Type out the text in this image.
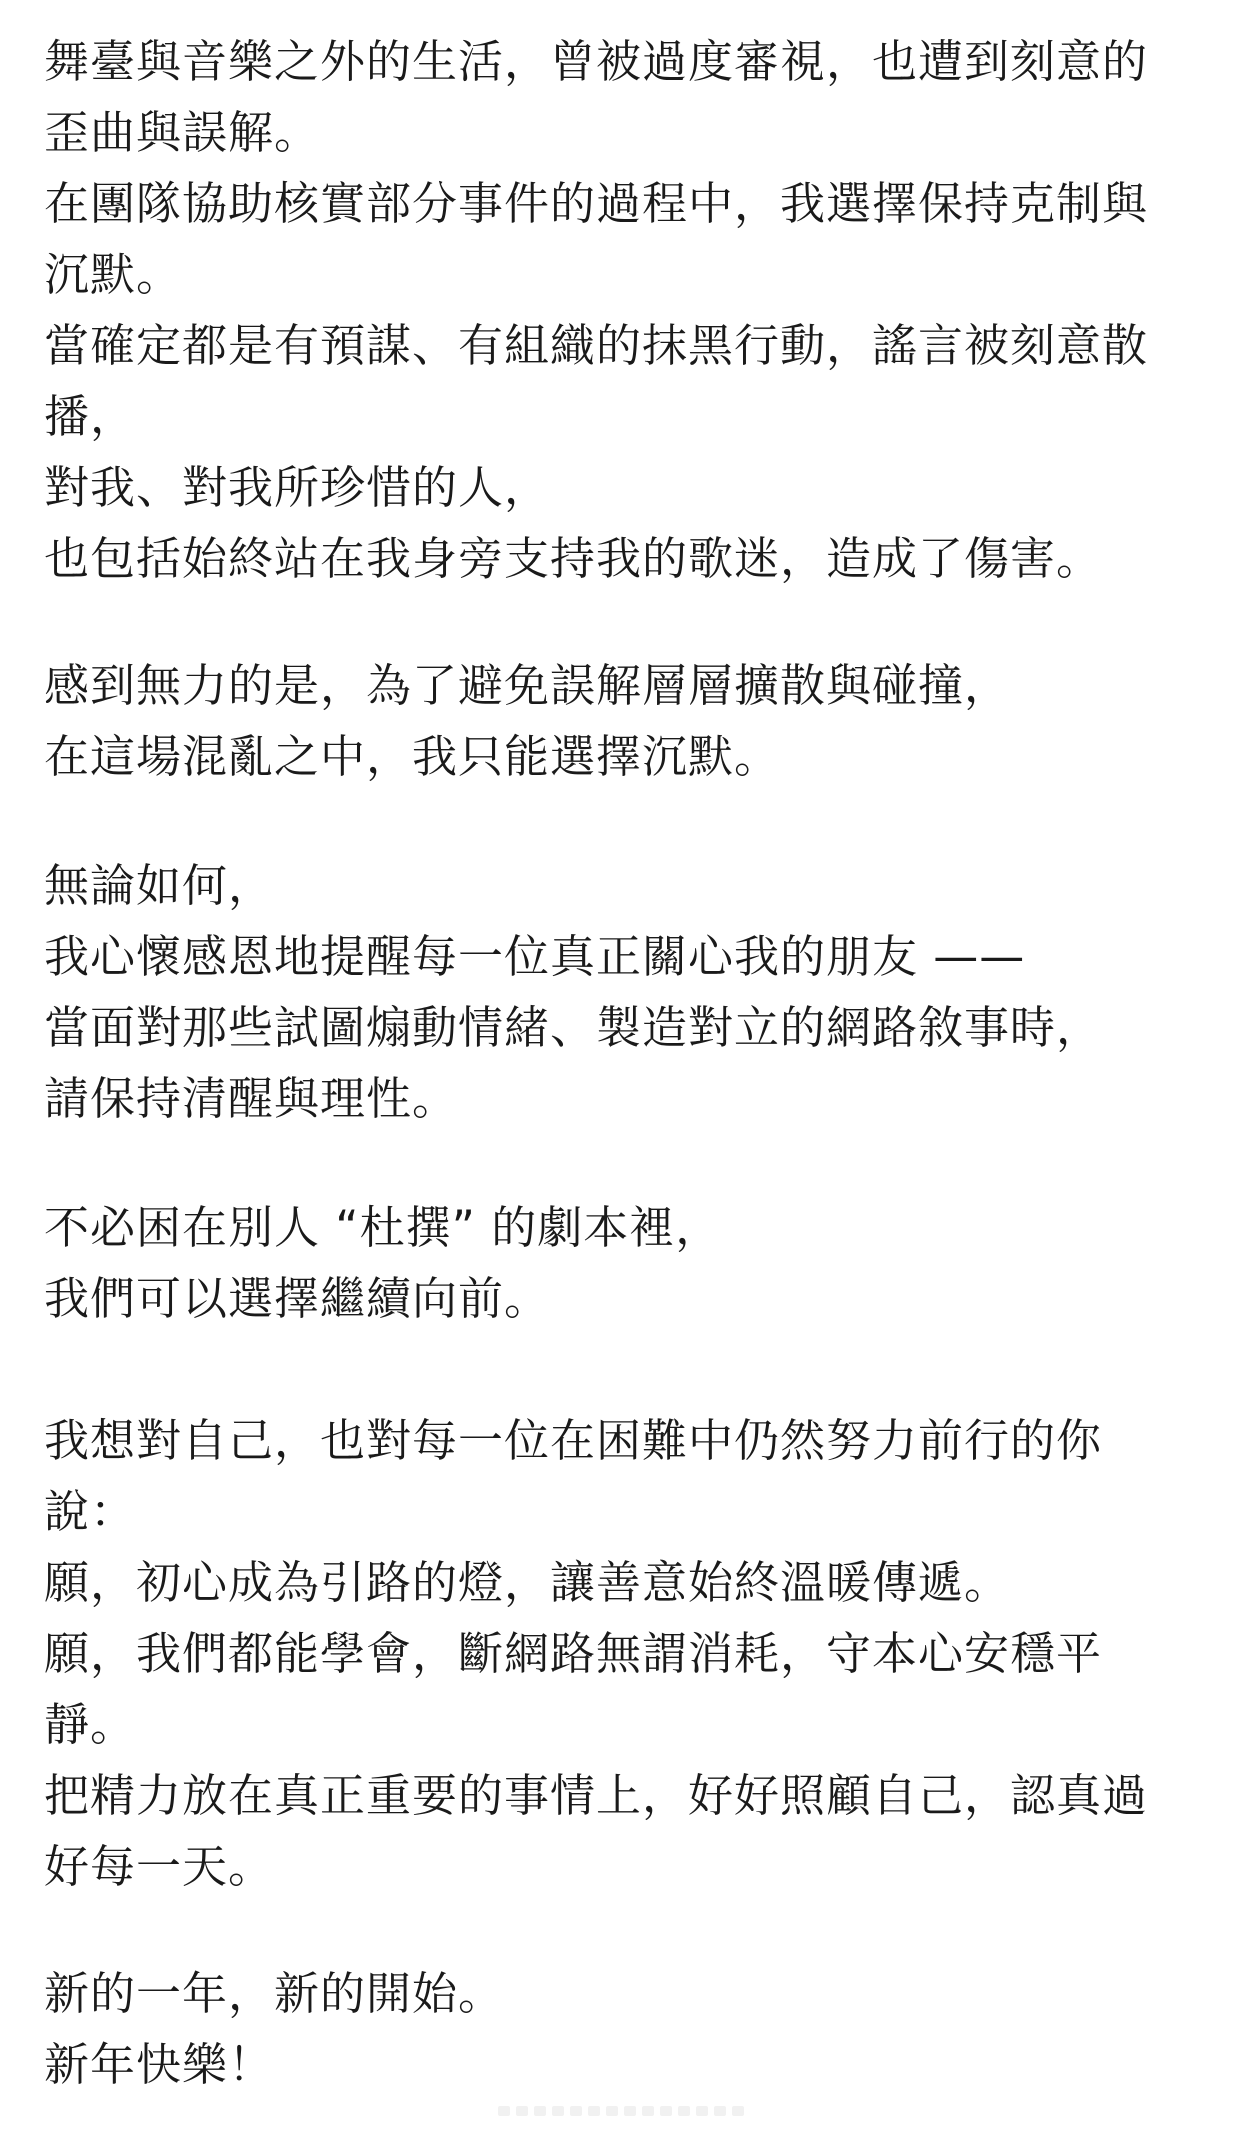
舞臺與音樂之外的生活，曾被過度審視，也遭到刻意的

歪曲與誤解。

在團隊協助核實部分事件的過程中，我選擇保持克制與

沉默。

當確定都是有預謀、有組織的抹黑行動，謠言被刻意散

播，

對我、對我所珍惜的人，

也包括始終站在我身旁支持我的歌迷，造成了傷害。

感到無力的是，為了避免誤解層層擴散與碰撞，

在這場混亂之中，我只能選擇沉默。

無論如何，

我心懷感恩地提醒每一位真正關心我的朋友 ——

當面對那些試圖煽動情緒、製造對立的網路敘事時，

請保持清醒與理性。

不必困在別人 “杜撰” 的劇本裡，

我們可以選擇繼續向前。

我想對自己，也對每一位在困難中仍然努力前行的你

說：

願，初心成為引路的燈，讓善意始終溫暖傳遞。

願，我們都能學會，斷網路無謂消耗，守本心安穩平

靜。

把精力放在真正重要的事情上，好好照顧自己，認真過

好每一天。

新的一年，新的開始。

新年快樂！
